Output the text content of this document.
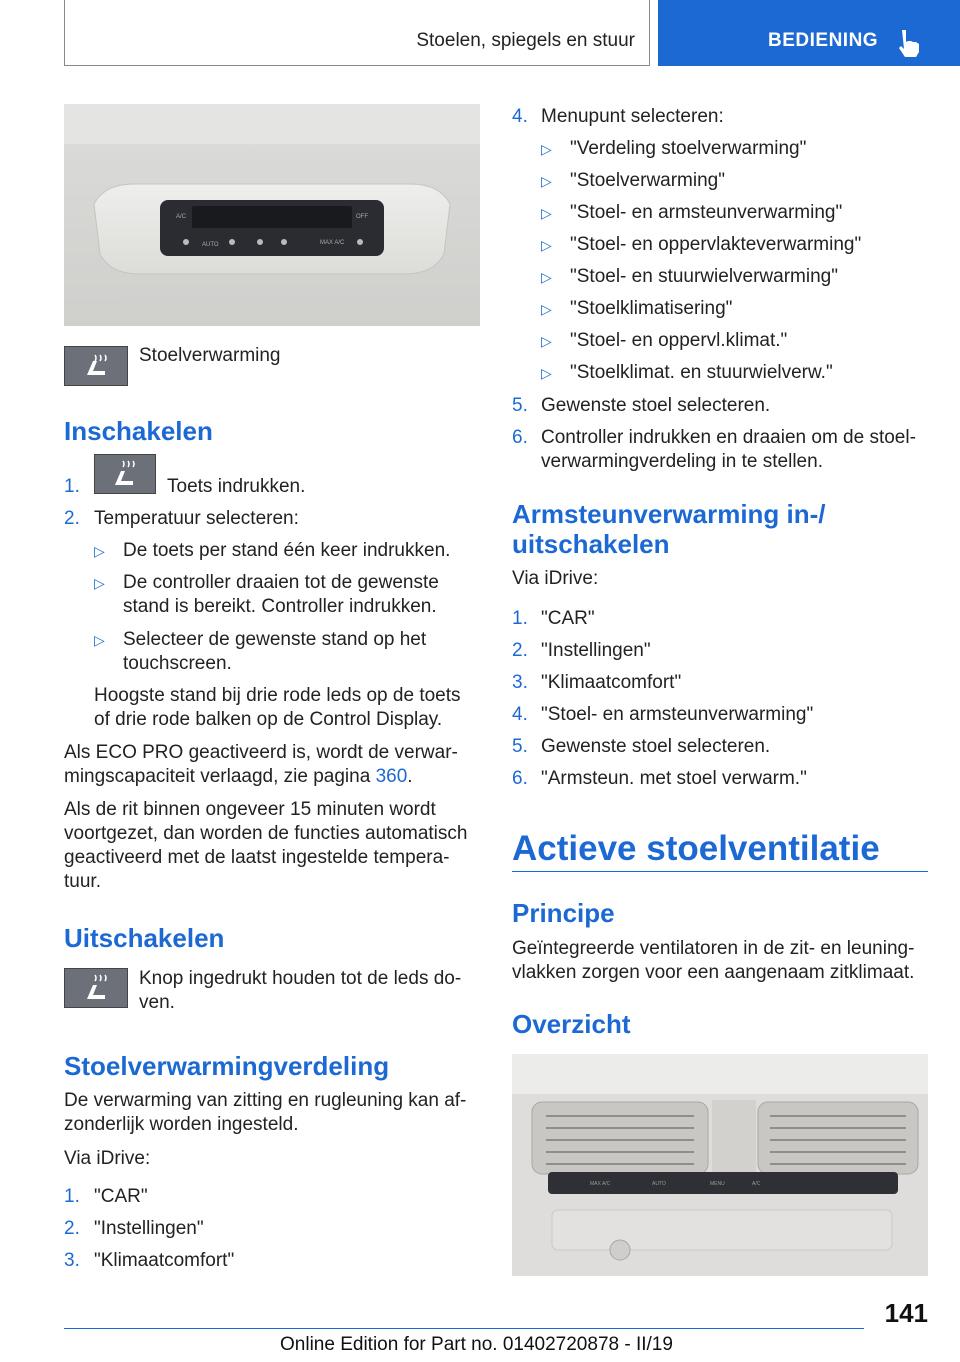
Stoelen, spiegels en stuur	BEDIENING
A/C	OFF
AUTO	MAX A/C
Stoelverwarming
Inschakelen
1.	Toets indrukken.
2. Temperatuur selecteren:
▷ De toets per stand één keer indrukken.
▷ De controller draaien tot de gewenste
stand is bereikt. Controller indrukken.
▷ Selecteer de gewenste stand op het
touchscreen.
Hoogste stand bij drie rode leds op de toets
of drie rode balken op de Control Display.
Als ECO PRO geactiveerd is, wordt de verwar-
mingscapaciteit verlaagd, zie pagina 360.
Als de rit binnen ongeveer 15 minuten wordt
voortgezet, dan worden de functies automatisch
geactiveerd met de laatst ingestelde tempera-
tuur.
Uitschakelen
Knop ingedrukt houden tot de leds do-
ven.
Stoelverwarmingverdeling
De verwarming van zitting en rugleuning kan af-
zonderlijk worden ingesteld.
Via iDrive:
1. "CAR"
2. "Instellingen"
3. "Klimaatcomfort"
4. Menupunt selecteren:
▷ "Verdeling stoelverwarming"
▷ "Stoelverwarming"
▷ "Stoel- en armsteunverwarming"
▷ "Stoel- en oppervlakteverwarming"
▷ "Stoel- en stuurwielverwarming"
▷ "Stoelklimatisering"
▷ "Stoel- en oppervl.klimat."
▷ "Stoelklimat. en stuurwielverw."
5. Gewenste stoel selecteren.
6. Controller indrukken en draaien om de stoel-
verwarmingverdeling in te stellen.
Armsteunverwarming in-/
uitschakelen
Via iDrive:
1. "CAR"
2. "Instellingen"
3. "Klimaatcomfort"
4. "Stoel- en armsteunverwarming"
5. Gewenste stoel selecteren.
6. "Armsteun. met stoel verwarm."
Actieve stoelventilatie
Principe
Geïntegreerde ventilatoren in de zit- en leuning-
vlakken zorgen voor een aangenaam zitklimaat.
Overzicht
MAX A/C	AUTO	MENU	A/C
141
Online Edition for Part no. 01402720878 - II/19
